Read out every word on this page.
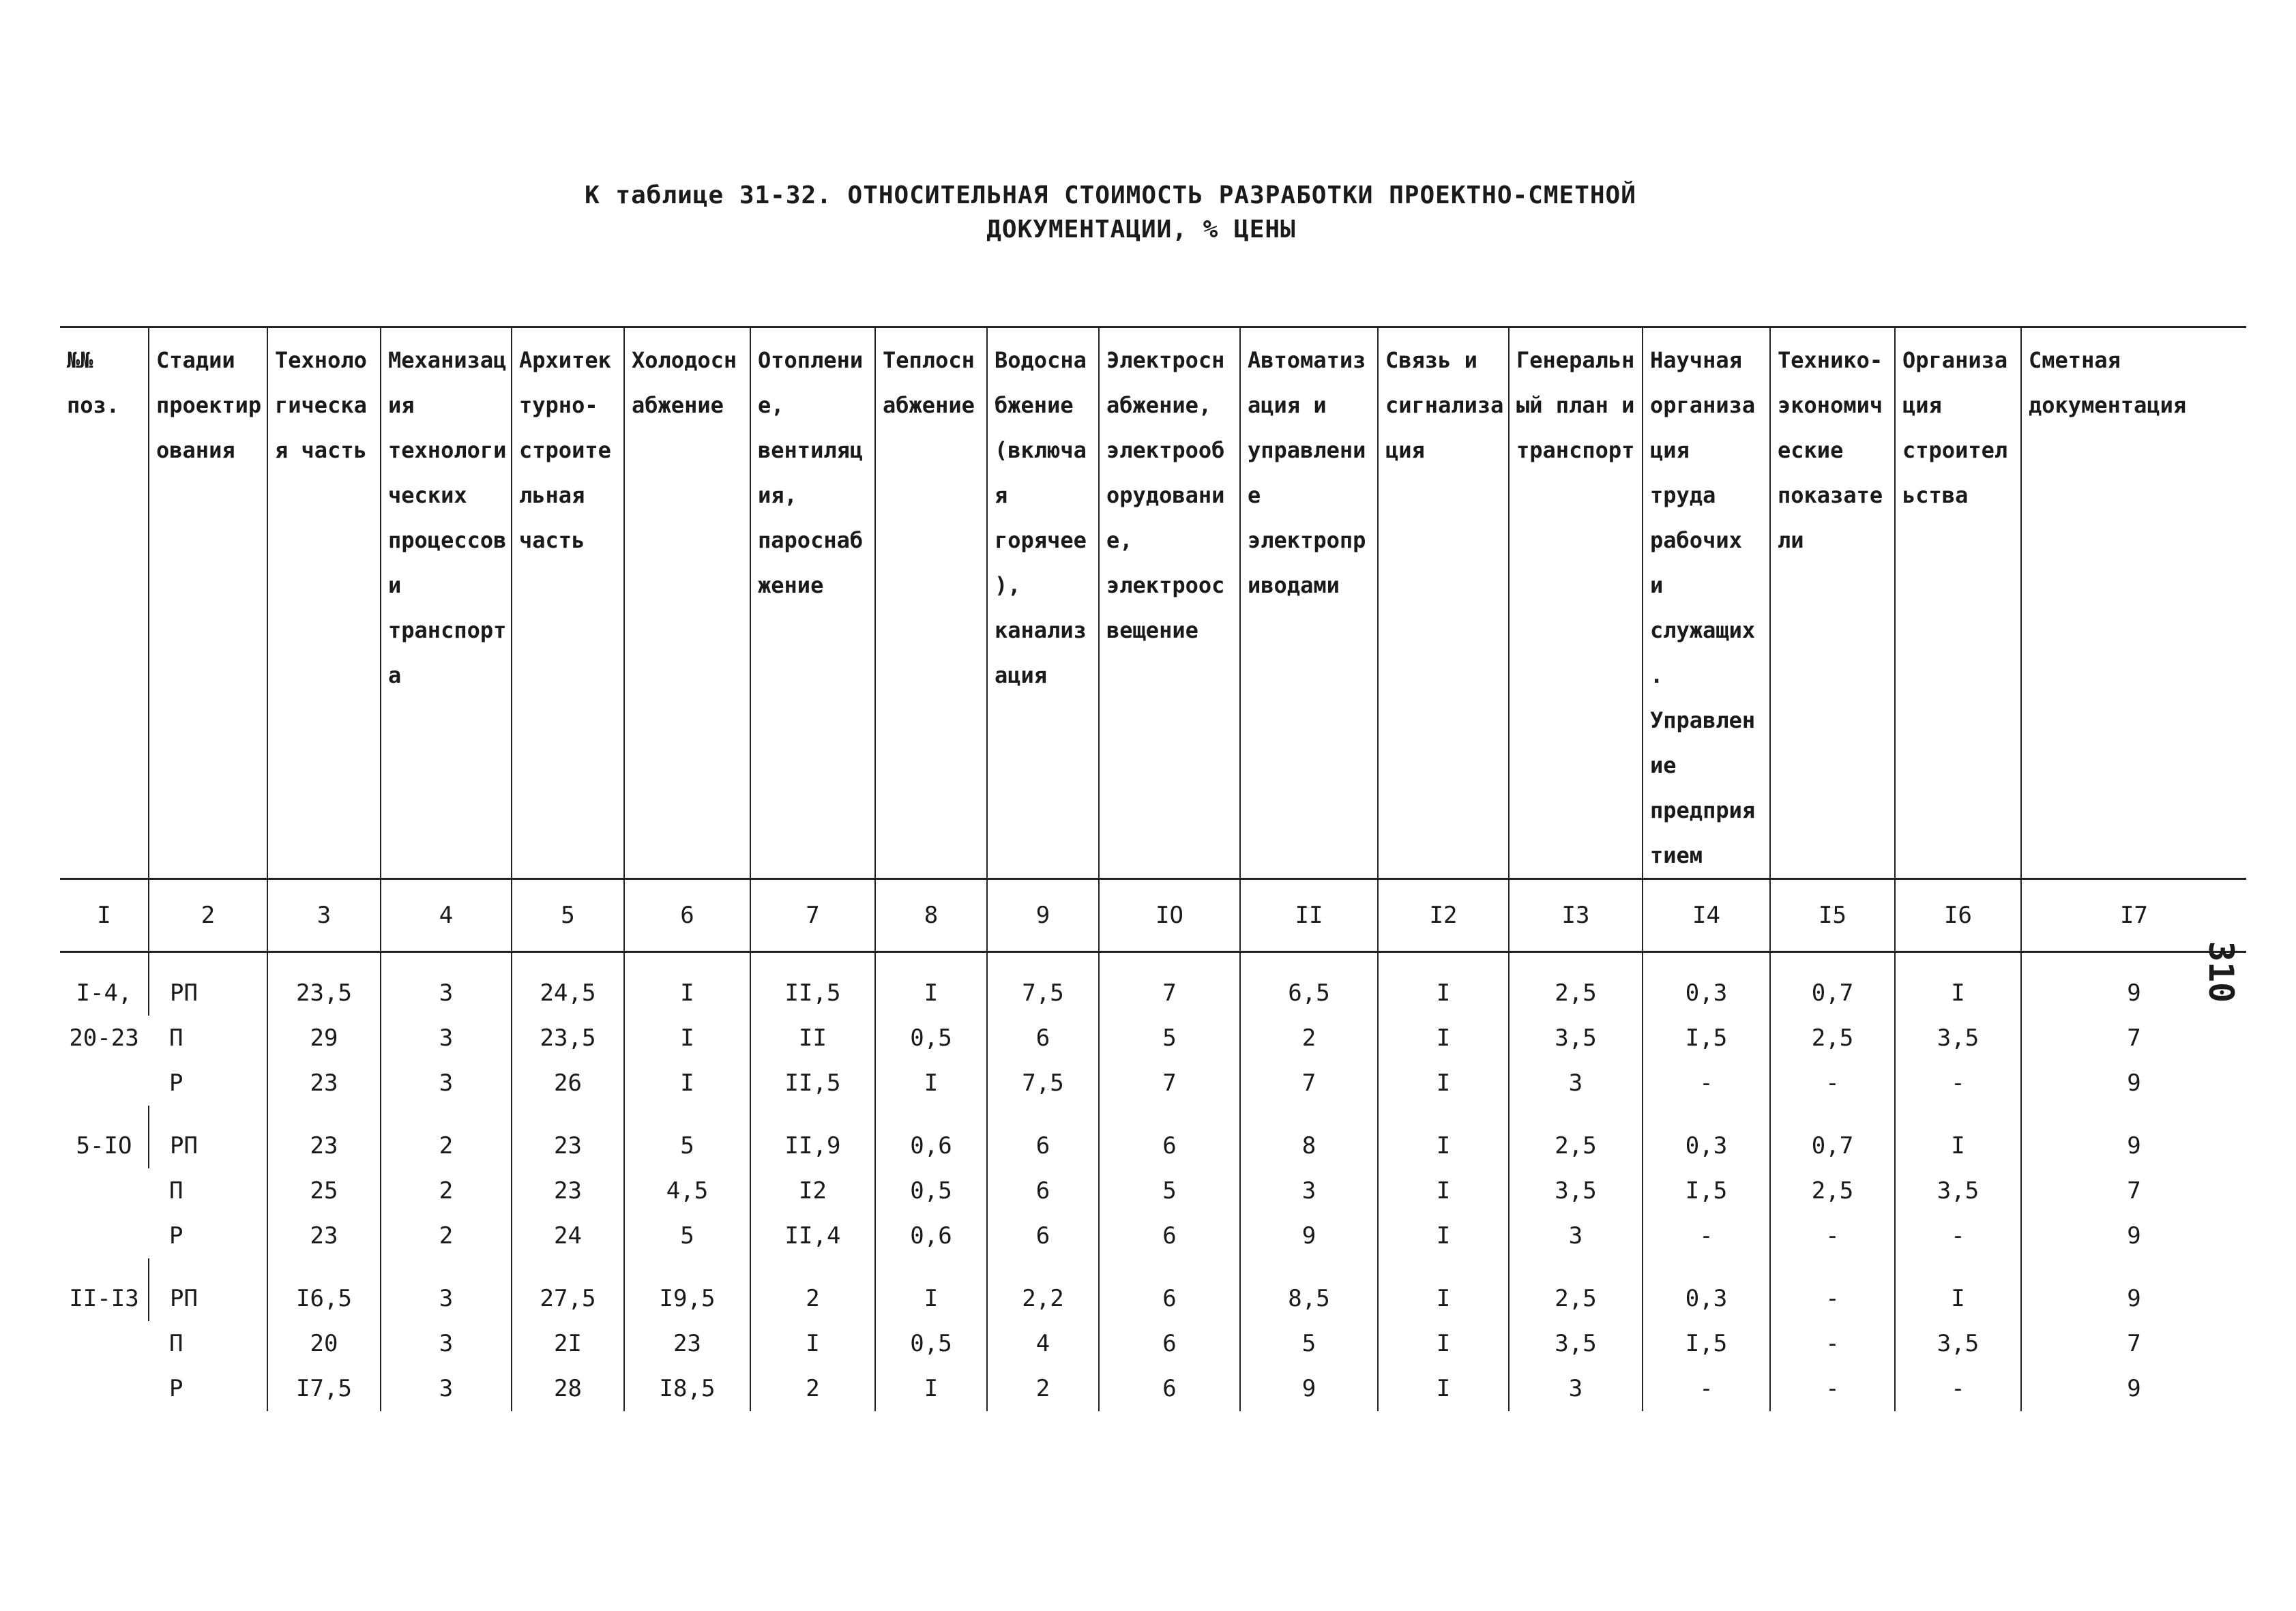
К таблице 31-32. ОТНОСИТЕЛЬНАЯ СТОИМОСТЬ РАЗРАБОТКИ ПРОЕКТНО-СМЕТНОЙ
ДОКУМЕНТАЦИИ, % ЦЕНЫ
№№ поз.	Стадии проектирования	Технологическая часть	Механизация технологических процессов и транспорта	Архитектурно-строительная часть	Холодоснабжение	Отопление, вентиляция, пароснабжение	Теплоснабжение	Водоснабжение (включая горячее), канализация	Электроснабжение, электрооборудование, электроосвещение	Автоматизация и управление электроприводами	Связь и сигнализация	Генеральный план и транспорт	Научная организация труда рабочих и служащих. Управление предприятием	Технико-экономические показатели	Организация строительства	Сметная документация
I	2	3	4	5	6	7	8	9	IO	II	I2	I3	I4	I5	I6	I7
I-4, 20-23	РП	23,5	3	24,5	I	II,5	I	7,5	7	6,5	I	2,5	0,3	0,7	I	9
	П	29	3	23,5	I	II	0,5	6	5	2	I	3,5	I,5	2,5	3,5	7
	Р	23	3	26	I	II,5	I	7,5	7	7	I	3	-	-	-	9
5-IO	РП	23	2	23	5	II,9	0,6	6	6	8	I	2,5	0,3	0,7	I	9
	П	25	2	23	4,5	I2	0,5	6	5	3	I	3,5	I,5	2,5	3,5	7
	Р	23	2	24	5	II,4	0,6	6	6	9	I	3	-	-	-	9
II-I3	РП	I6,5	3	27,5	I9,5	2	I	2,2	6	8,5	I	2,5	0,3	-	I	9
	П	20	3	2I	23	I	0,5	4	6	5	I	3,5	I,5	-	3,5	7
	Р	I7,5	3	28	I8,5	2	I	2	6	9	I	3	-	-	-	9
310
